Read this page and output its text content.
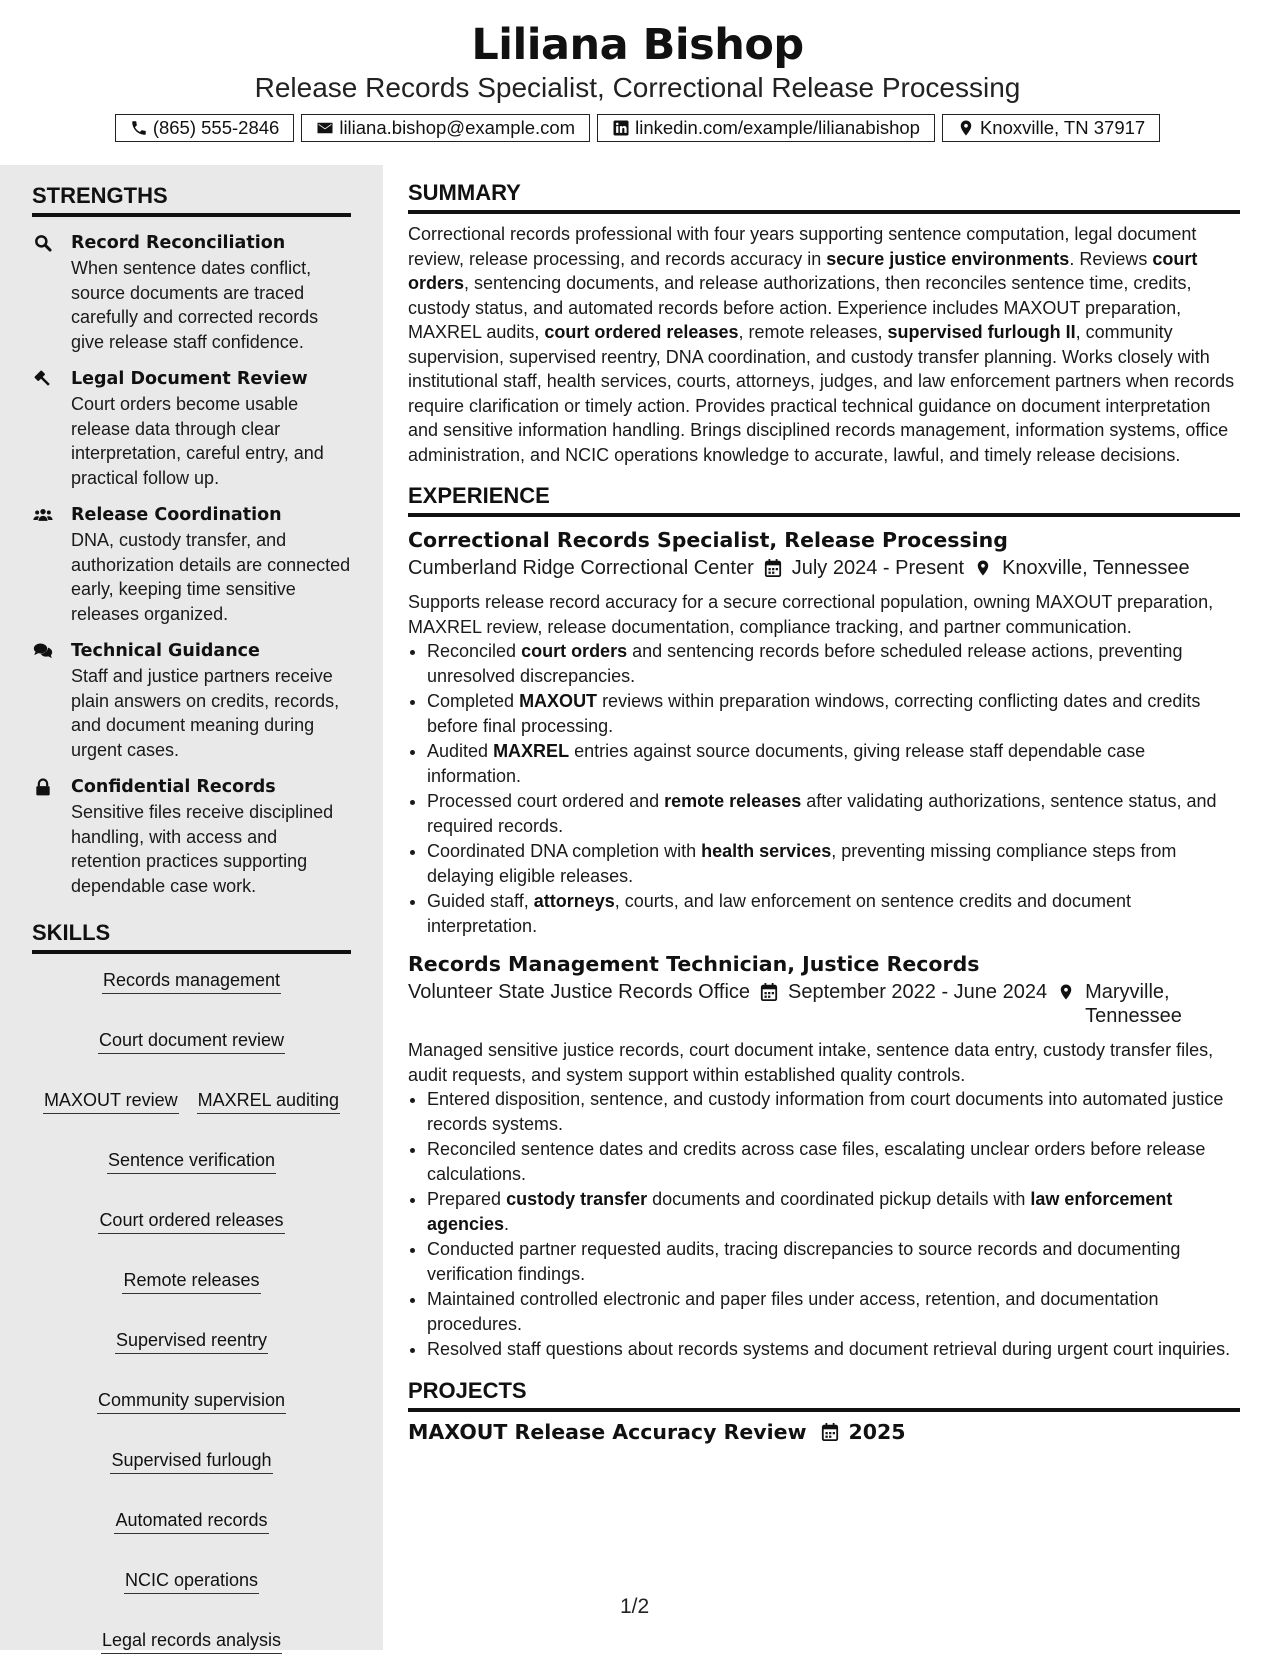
Liliana Bishop
Release Records Specialist, Correctional Release Processing
(865) 555-2846	liliana.bishop@example.com	linkedin.com/example/lilianabishop	Knoxville, TN 37917
STRENGTHS
Record Reconciliation
When sentence dates conflict, source documents are traced carefully and corrected records give release staff confidence.
Legal Document Review
Court orders become usable release data through clear interpretation, careful entry, and practical follow up.
Release Coordination
DNA, custody transfer, and authorization details are connected early, keeping time sensitive releases organized.
Technical Guidance
Staff and justice partners receive plain answers on credits, records, and document meaning during urgent cases.
Confidential Records
Sensitive files receive disciplined handling, with access and retention practices supporting dependable case work.
SKILLS
Records management
Court document review
MAXOUT review MAXREL auditing
Sentence verification
Court ordered releases
Remote releases
Supervised reentry
Community supervision
Supervised furlough
Automated records
NCIC operations
Legal records analysis
SUMMARY

Correctional records professional with four years supporting sentence computation, legal document review, release processing, and records accuracy in secure justice environments. Reviews court orders, sentencing documents, and release authorizations, then reconciles sentence time, credits, custody status, and automated records before action. Experience includes MAXOUT preparation, MAXREL audits, court ordered releases, remote releases, supervised furlough II, community supervision, supervised reentry, DNA coordination, and custody transfer planning. Works closely with institutional staff, health services, courts, attorneys, judges, and law enforcement partners when records require clarification or timely action. Provides practical technical guidance on document interpretation and sensitive information handling. Brings disciplined records management, information systems, office administration, and NCIC operations knowledge to accurate, lawful, and timely release decisions.

EXPERIENCE
Correctional Records Specialist, Release Processing
Cumberland Ridge Correctional Center July 2024 - Present Knoxville, Tennessee

Supports release record accuracy for a secure correctional population, owning MAXOUT preparation, MAXREL review, release documentation, compliance tracking, and partner communication.

• Reconciled court orders and sentencing records before scheduled release actions, preventing unresolved discrepancies.
• Completed MAXOUT reviews within preparation windows, correcting conflicting dates and credits before final processing.
• Audited MAXREL entries against source documents, giving release staff dependable case information.
• Processed court ordered and remote releases after validating authorizations, sentence status, and required records.
• Coordinated DNA completion with health services, preventing missing compliance steps from delaying eligible releases.
• Guided staff, attorneys, courts, and law enforcement on sentence credits and document interpretation.
Records Management Technician, Justice Records
Volunteer State Justice Records Office September 2022 - June 2024 Maryville, Tennessee

Managed sensitive justice records, court document intake, sentence data entry, custody transfer files, audit requests, and system support within established quality controls.

• Entered disposition, sentence, and custody information from court documents into automated justice records systems.
• Reconciled sentence dates and credits across case files, escalating unclear orders before release calculations.
• Prepared custody transfer documents and coordinated pickup details with law enforcement agencies.
• Conducted partner requested audits, tracing discrepancies to source records and documenting verification findings.
• Maintained controlled electronic and paper files under access, retention, and documentation procedures.
• Resolved staff questions about records systems and document retrieval during urgent court inquiries.
PROJECTS
MAXOUT Release Accuracy Review 2025
1/2
